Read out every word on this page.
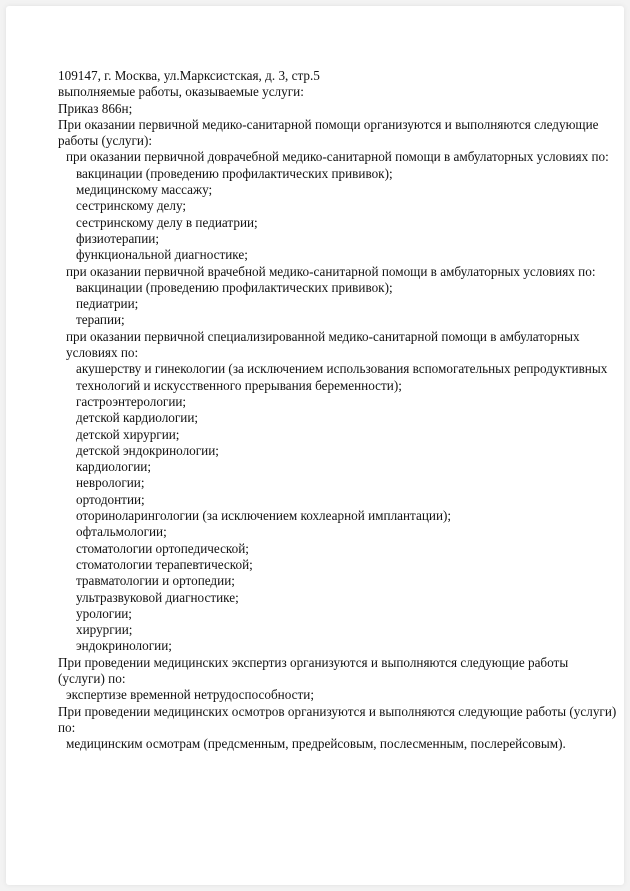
109147, г. Москва, ул.Марксистская, д. 3, стр.5

выполняемые работы, оказываемые услуги:

Приказ 866н;

При оказании первичной медико-санитарной помощи организуются и выполняются следующие работы (услуги):

при оказании первичной доврачебной медико-санитарной помощи в амбулаторных условиях по:

вакцинации (проведению профилактических прививок);

медицинскому массажу;

сестринскому делу;

сестринскому делу в педиатрии;

физиотерапии;

функциональной диагностике;

при оказании первичной врачебной медико-санитарной помощи в амбулаторных условиях по:

вакцинации (проведению профилактических прививок);

педиатрии;

терапии;

при оказании первичной специализированной медико-санитарной помощи в амбулаторных условиях по:

акушерству и гинекологии (за исключением использования вспомогательных репродуктивных технологий и искусственного прерывания беременности);

гастроэнтерологии;

детской кардиологии;

детской хирургии;

детской эндокринологии;

кардиологии;

неврологии;

ортодонтии;

оториноларингологии (за исключением кохлеарной имплантации);

офтальмологии;

стоматологии ортопедической;

стоматологии терапевтической;

травматологии и ортопедии;

ультразвуковой диагностике;

урологии;

хирургии;

эндокринологии;

При проведении медицинских экспертиз организуются и выполняются следующие работы (услуги) по:

экспертизе временной нетрудоспособности;

При проведении медицинских осмотров организуются и выполняются следующие работы (услуги) по:

медицинским осмотрам (предсменным, предрейсовым, послесменным, послерейсовым).
